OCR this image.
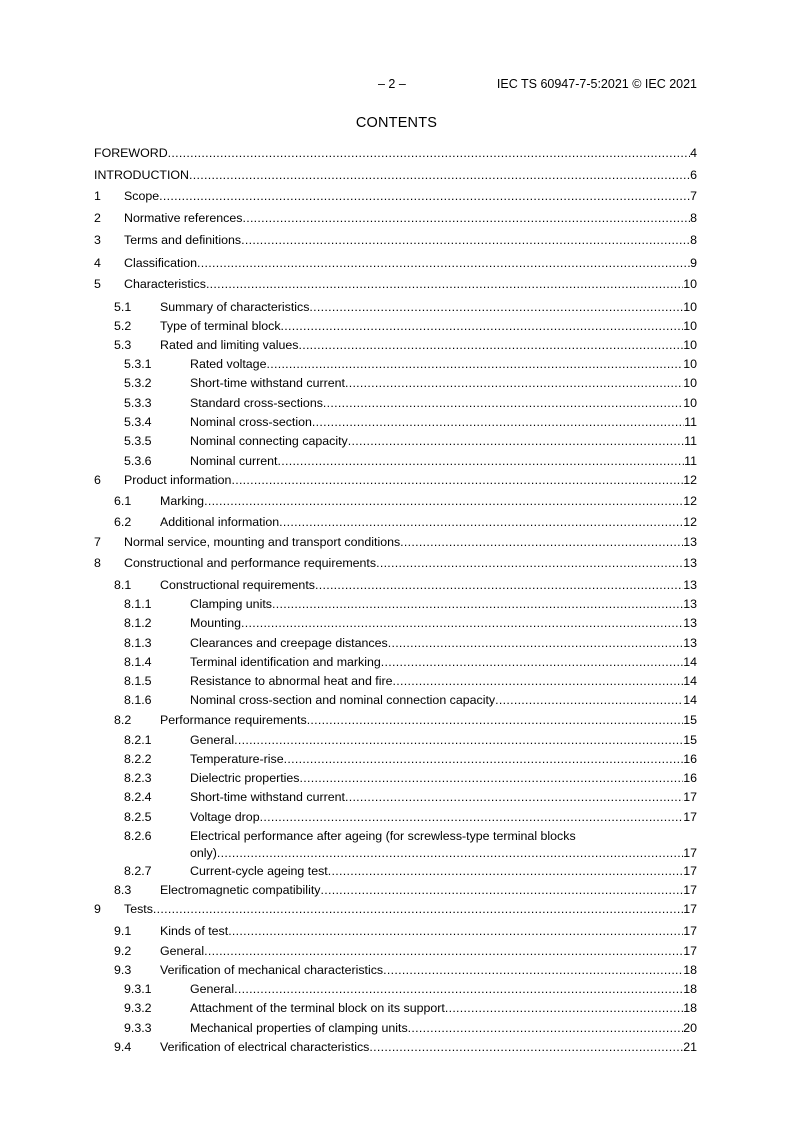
– 2 –	IEC TS 60947-7-5:2021 © IEC 2021
CONTENTS
FOREWORD .....	4
INTRODUCTION .....	6
1 Scope .....	7
2 Normative references .....	8
3 Terms and definitions .....	8
4 Classification .....	9
5 Characteristics .....	10
5.1 Summary of characteristics .....	10
5.2 Type of terminal block .....	10
5.3 Rated and limiting values .....	10
5.3.1	Rated voltage .....	10
5.3.2	Short-time withstand current .....	10
5.3.3	Standard cross-sections .....	10
5.3.4	Nominal cross-section .....	11
5.3.5	Nominal connecting capacity .....	11
5.3.6	Nominal current .....	11
6 Product information .....	12
6.1 Marking .....	12
6.2 Additional information .....	12
7 Normal service, mounting and transport conditions .....	13
8 Constructional and performance requirements .....	13
8.1 Constructional requirements .....	13
8.1.1	Clamping units .....	13
8.1.2	Mounting .....	13
8.1.3	Clearances and creepage distances .....	13
8.1.4	Terminal identification and marking .....	14
8.1.5	Resistance to abnormal heat and fire .....	14
8.1.6	Nominal cross-section and nominal connection capacity .....	14
8.2 Performance requirements .....	15
8.2.1	General .....	15
8.2.2	Temperature-rise .....	16
8.2.3	Dielectric properties .....	16
8.2.4	Short-time withstand current .....	17
8.2.5	Voltage drop .....	17
8.2.6	Electrical performance after ageing (for screwless-type terminal blocks
only) .....	17
8.2.7	Current-cycle ageing test .....	17
8.3 Electromagnetic compatibility .....	17
9 Tests .....	17
9.1 Kinds of test .....	17
9.2 General .....	17
9.3 Verification of mechanical characteristics .....	18
9.3.1	General .....	18
9.3.2	Attachment of the terminal block on its support .....	18
9.3.3	Mechanical properties of clamping units .....	20
9.4 Verification of electrical characteristics .....	21
